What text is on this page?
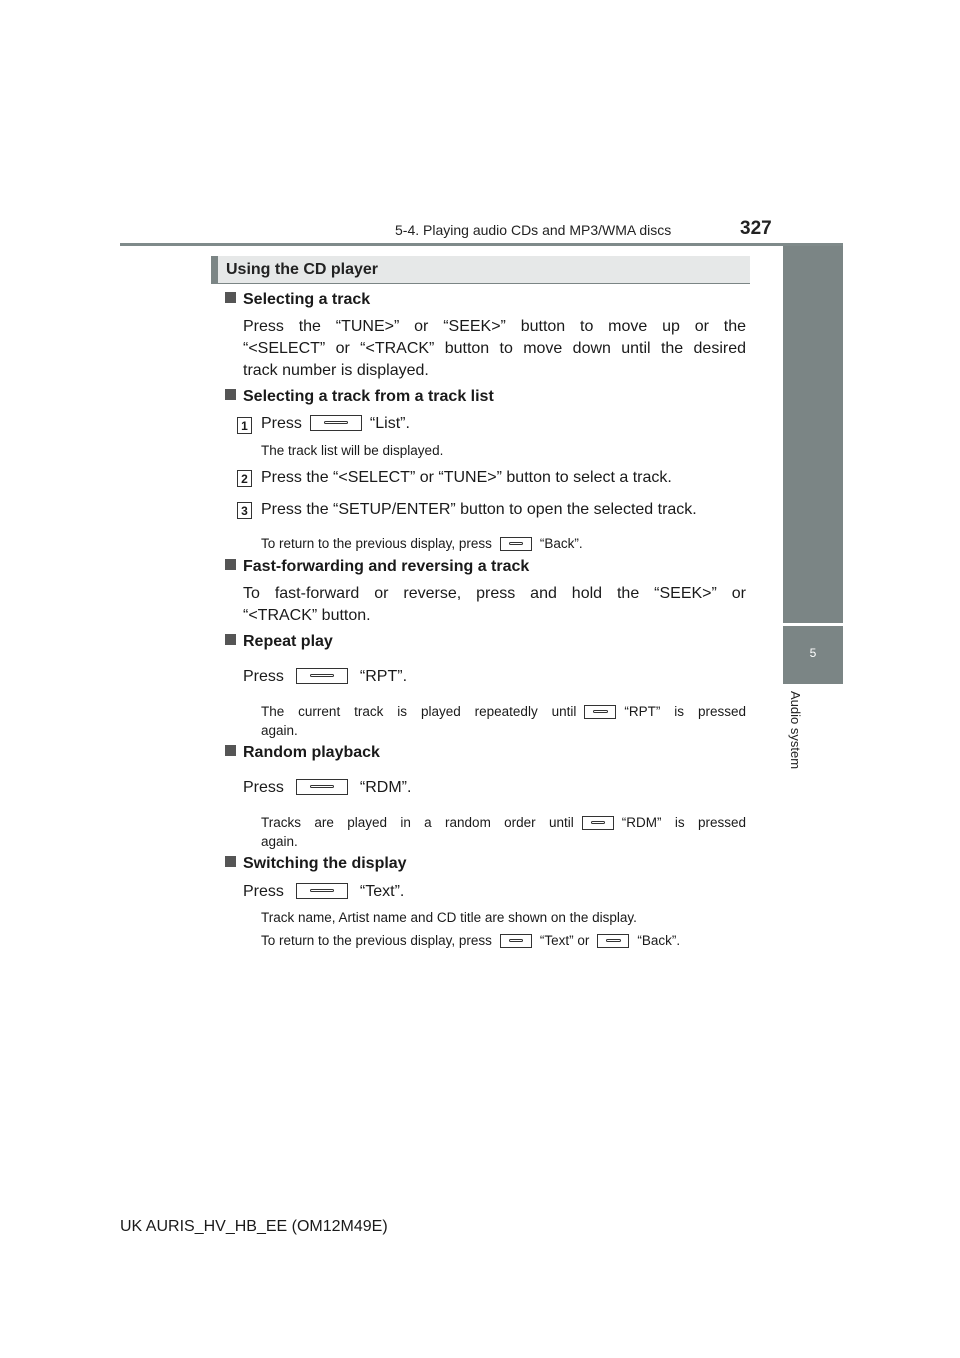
5-4. Playing audio CDs and MP3/WMA discs	327
5
Audio system
Using the CD player
Selecting a track
Press the “TUNE>” or “SEEK>” button to move up or the
“<SELECT” or “<TRACK” button to move down until the desired
track number is displayed.
Selecting a track from a track list
1 Press	“List”.
The track list will be displayed.
2 Press the “<SELECT” or “TUNE>” button to select a track.
3 Press the “SETUP/ENTER” button to open the selected track.
To return to the previous display, press	“Back”.
Fast-forwarding and reversing a track
To fast-forward or reverse, press and hold the “SEEK>” or
“<TRACK” button.
Repeat play
Press	“RPT”.
The current track is played repeatedly until	“RPT” is pressed
again.
Random playback
Press	“RDM”.
Tracks are played in a random order until	“RDM” is pressed
again.
Switching the display
Press	“Text”.
Track name, Artist name and CD title are shown on the display.
To return to the previous display, press	“Text” or	“Back”.
UK AURIS_HV_HB_EE (OM12M49E)
